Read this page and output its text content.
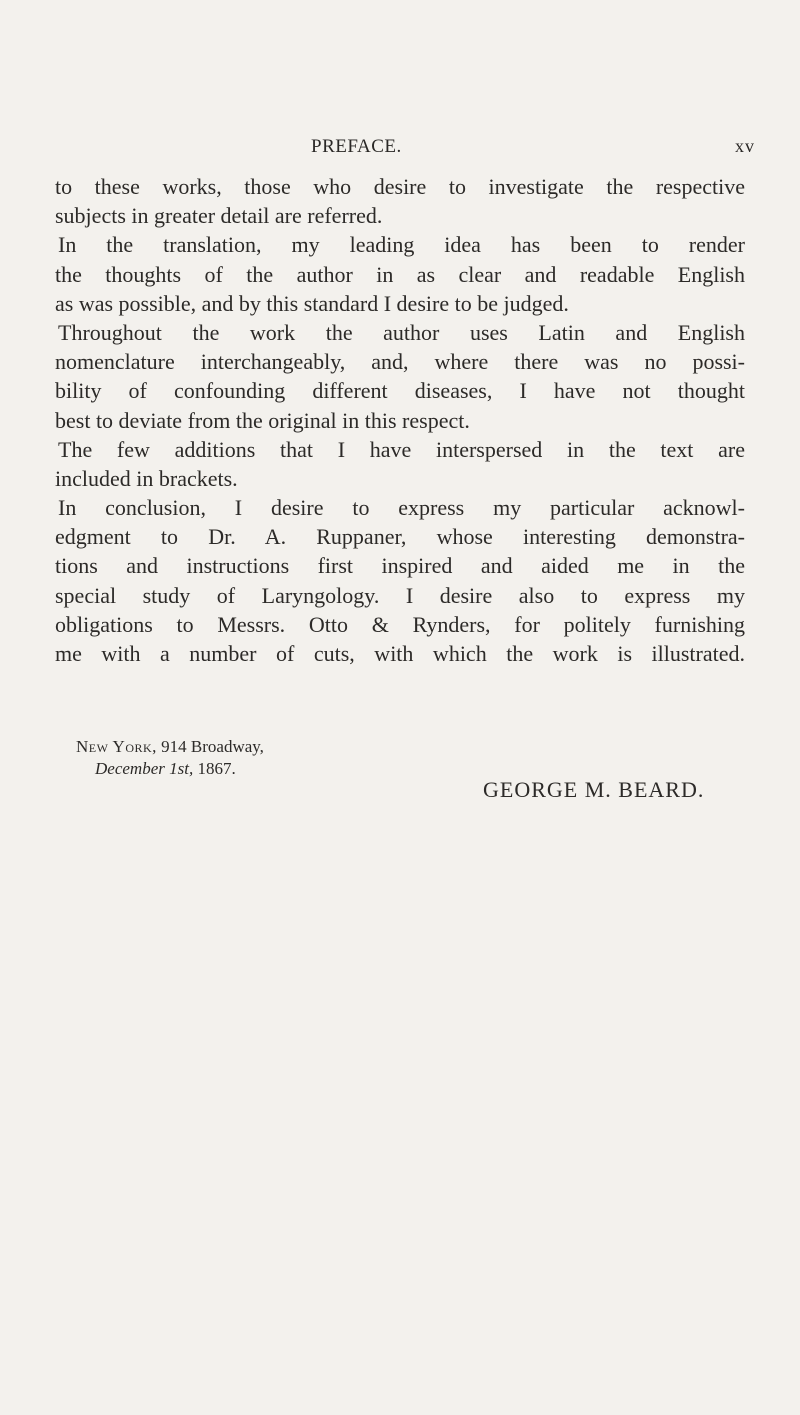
PREFACE.	xv
to these works, those who desire to investigate the respective
subjects in greater detail are referred.
In the translation, my leading idea has been to render
the thoughts of the author in as clear and readable English
as was possible, and by this standard I desire to be judged.
Throughout the work the author uses Latin and English
nomenclature interchangeably, and, where there was no possi-
bility of confounding different diseases, I have not thought
best to deviate from the original in this respect.
The few additions that I have interspersed in the text are
included in brackets.
In conclusion, I desire to express my particular acknowl-
edgment to Dr. A. Ruppaner, whose interesting demonstra-
tions and instructions first inspired and aided me in the
special study of Laryngology. I desire also to express my
obligations to Messrs. Otto & Rynders, for politely furnishing
me with a number of cuts, with which the work is illustrated.
New York, 914 Broadway,
December 1st, 1867.
GEORGE M. BEARD.
